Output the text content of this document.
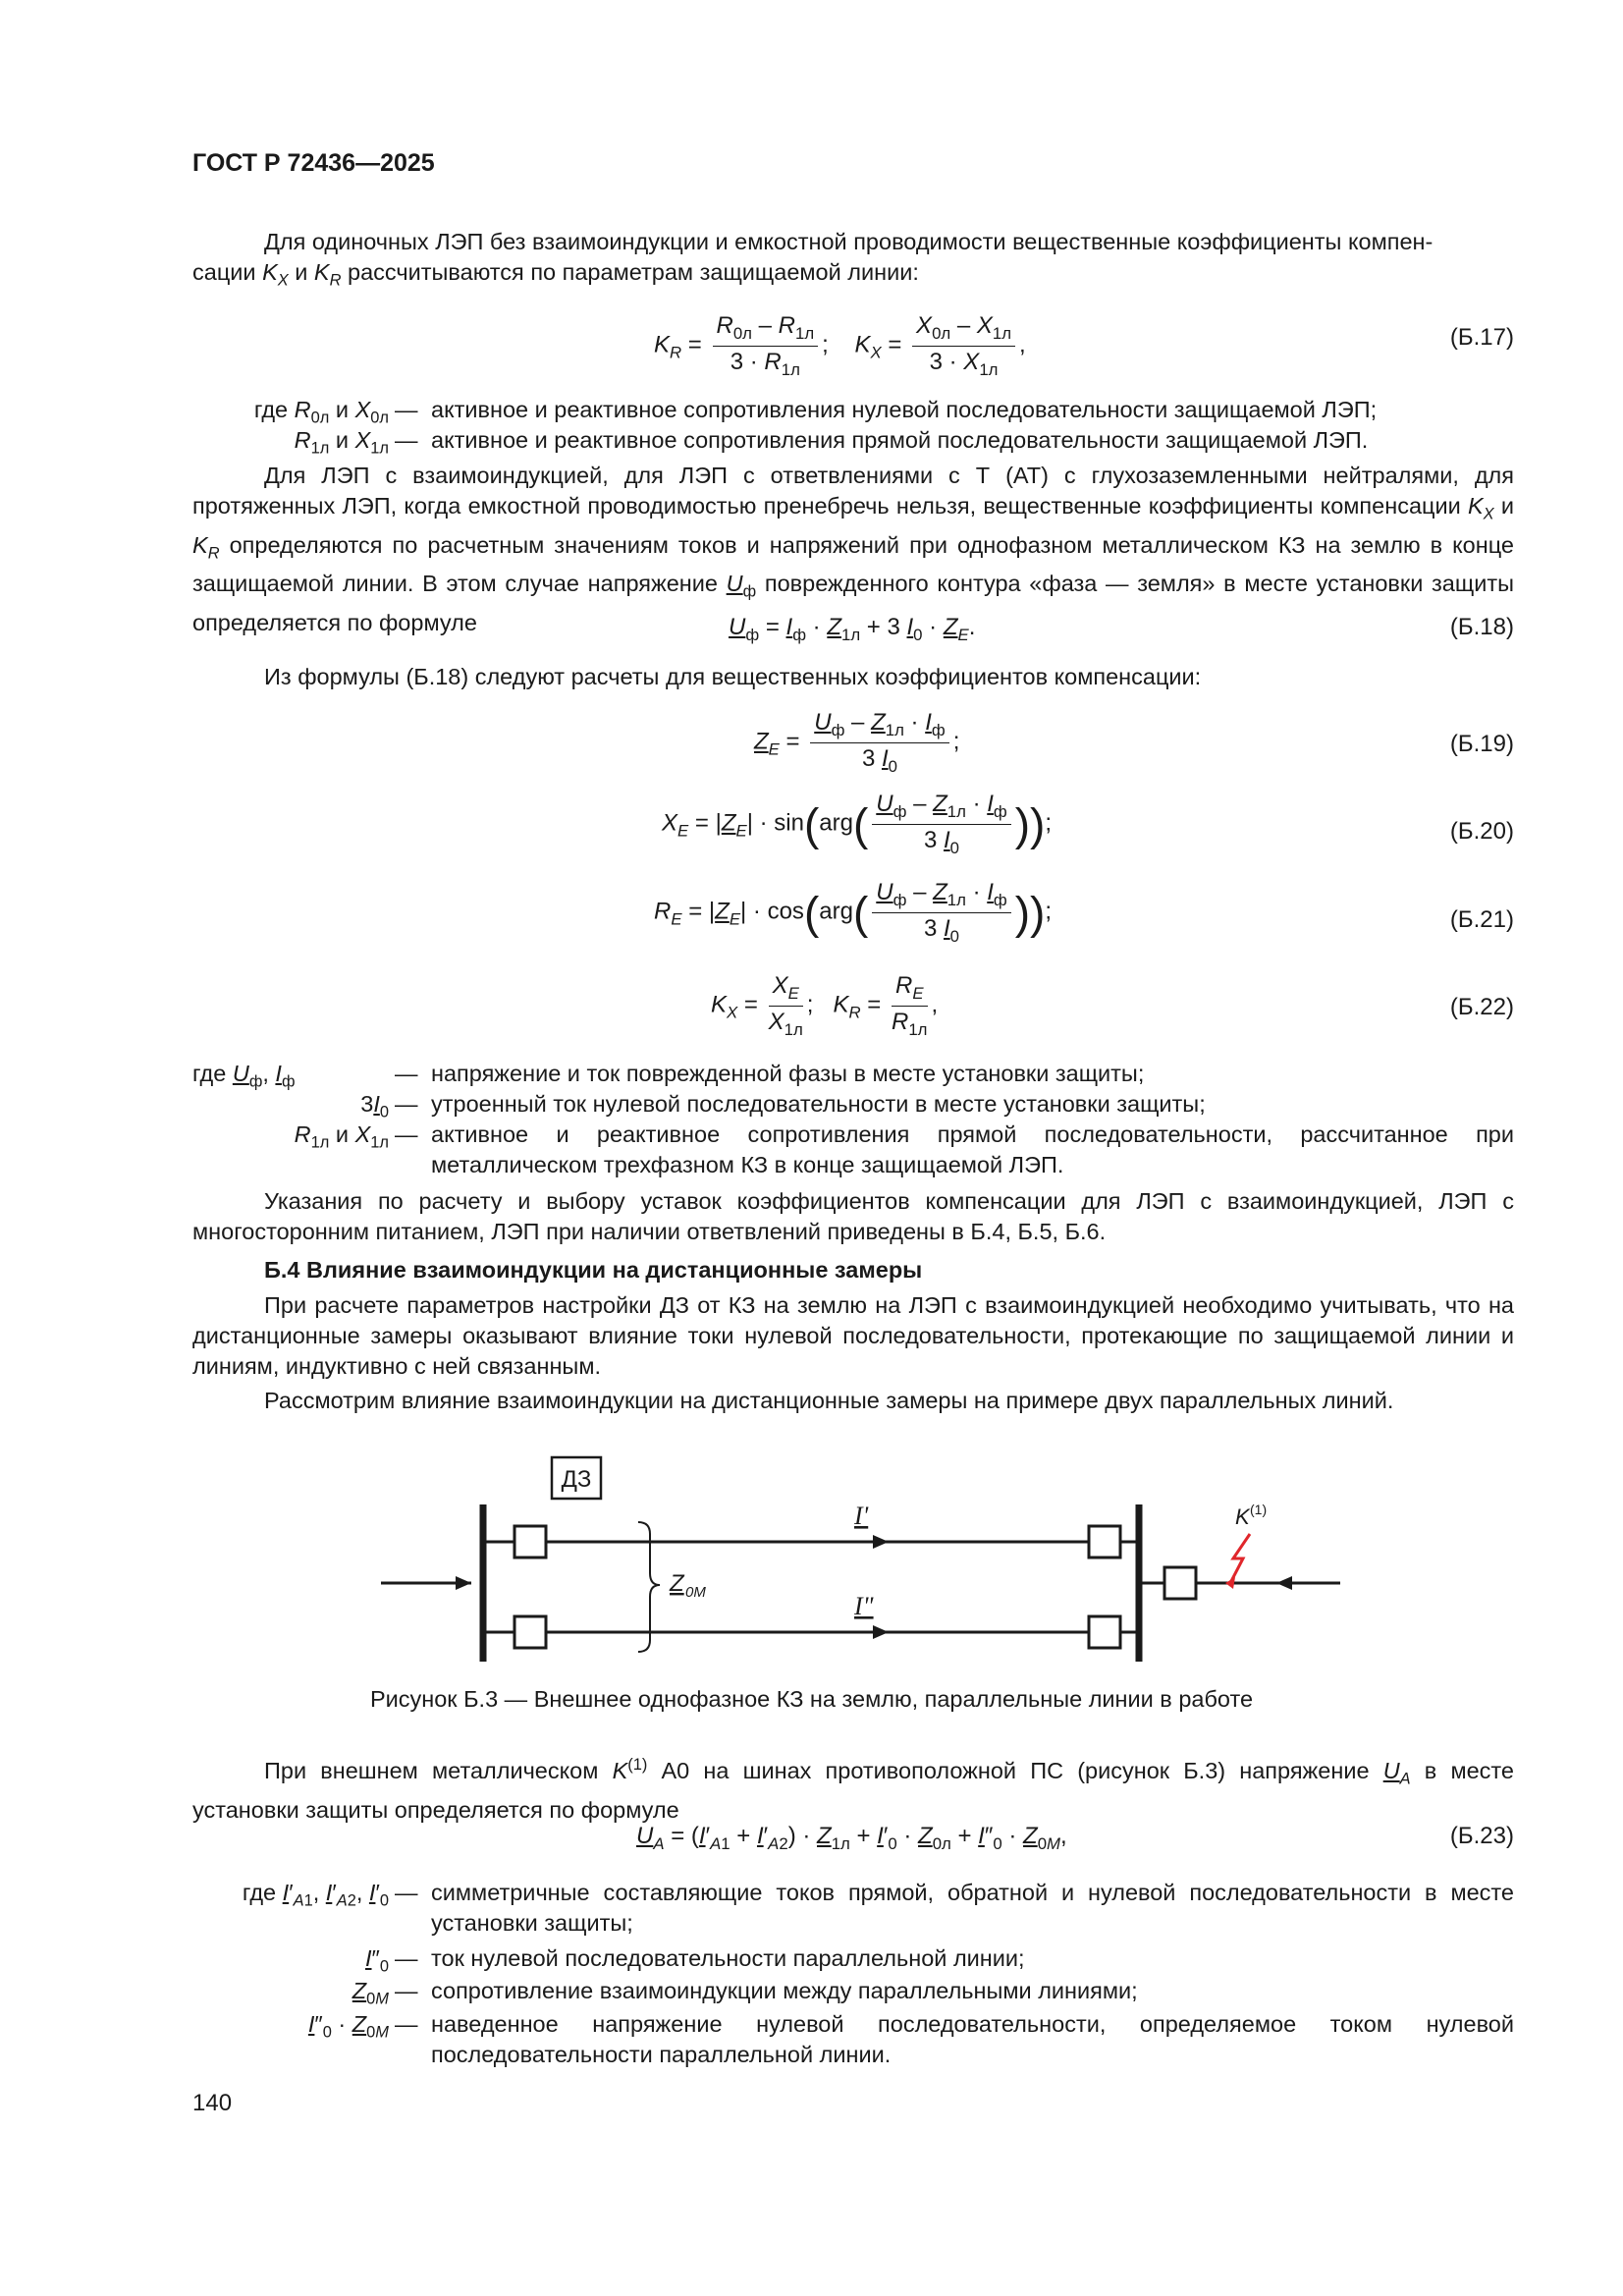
ГОСТ Р 72436—2025

Для одиночных ЛЭП без взаимоиндукции и емкостной проводимости вещественные коэффициенты компен-

сации $K_X$ и $K_R$ рассчитываются по параметрам защищаемой линии:

$K_R = \frac{R_{0л} - R_{1л}}{3 \cdot R_{1л}}$ ;    $K_X = \frac{X_{0л} - X_{1л}}{3 \cdot X_{1л}}$ ,	(Б.17)
где $R_{0л}$ и $X_{0л}$ — активное и реактивное сопротивления нулевой последовательности защищаемой ЛЭП;
$R_{1л}$ и $X_{1л}$ — активное и реактивное сопротивления прямой последовательности защищаемой ЛЭП.

Для ЛЭП с взаимоиндукцией, для ЛЭП с ответвлениями с Т (АТ) с глухозаземленными нейтралями, для протяженных ЛЭП, когда емкостной проводимостью пренебречь нельзя, вещественные коэффициенты компенсации $K_X$ и $K_R$ определяются по расчетным значениям токов и напряжений при однофазном металлическом КЗ на землю в конце защищаемой линии. В этом случае напряжение $U_ф$ поврежденного контура «фаза — земля» в месте установки защиты определяется по формуле	$U_ф = I_ф \cdot Z_{1л} + 3$ $I_0 \cdot Z_E$.	(Б.18)

Из формулы (Б.18) следуют расчеты для вещественных коэффициентов компенсации:

$Z_E = \frac{U_ф - Z_{1л} \cdot I_ф}{3 I_0}$ ;	(Б.19)
$X_E = |Z_E| \cdot \sin(arg( \frac{U_ф - Z_{1л} \cdot I_ф}{3 I_0}$ ));	(Б.20)
$R_E = |Z_E| \cdot \cos(arg( \frac{U_ф - Z_{1л} \cdot I_ф}{3 I_0}$ ));	(Б.21)
$K_X = \frac{X_E}{X_{1л}}$ ;   $K_R = \frac{R_E}{R_{1л}}$ ,	(Б.22)
где $U_ф$, $I_ф$	— напряжение и ток поврежденной фазы в месте установки защиты;
$3I_0$ — утроенный ток нулевой последовательности в месте установки защиты;
$R_{1л}$ и $X_{1л}$ — активное и реактивное сопротивления прямой последовательности, рассчитанное при металлическом трехфазном КЗ в конце защищаемой ЛЭП.

Указания по расчету и выбору уставок коэффициентов компенсации для ЛЭП с взаимоиндукцией, ЛЭП с многосторонним питанием, ЛЭП при наличии ответвлений приведены в Б.4, Б.5, Б.6.

Б.4 Влияние взаимоиндукции на дистанционные замеры

При расчете параметров настройки ДЗ от КЗ на землю на ЛЭП с взаимоиндукцией необходимо учитывать, что на дистанционные замеры оказывают влияние токи нулевой последовательности, протекающие по защищаемой линии и линиям, индуктивно с ней связанным.

Рассмотрим влияние взаимоиндукции на дистанционные замеры на примере двух параллельных линий.

ДЗ
Z 0M
I'
I"
K (1)
Рисунок Б.3 — Внешнее однофазное КЗ на землю, параллельные линии в работе

При внешнем металлическом $K^{(1)}$ А0 на шинах противоположной ПС (рисунок Б.3) напряжение $U_A$ в месте установки защиты определяется по формуле

$U_A = (I'_{A1} + I'_{A2}) \cdot Z_{1л} + I'_0 \cdot Z_{0л} + I''_0 \cdot Z_{0M}$,	(Б.23)
где $I'_{A1}$, $I'_{A2}$, $I'_0$ — симметричные составляющие токов прямой, обратной и нулевой последовательности в месте установки защиты;
$I''_0$ — ток нулевой последовательности параллельной линии;
$Z_{0M}$ — сопротивление взаимоиндукции между параллельными линиями;
$I''_0 \cdot Z_{0M}$ — наведенное напряжение нулевой последовательности, определяемое током нулевой последовательности параллельной линии.
140
